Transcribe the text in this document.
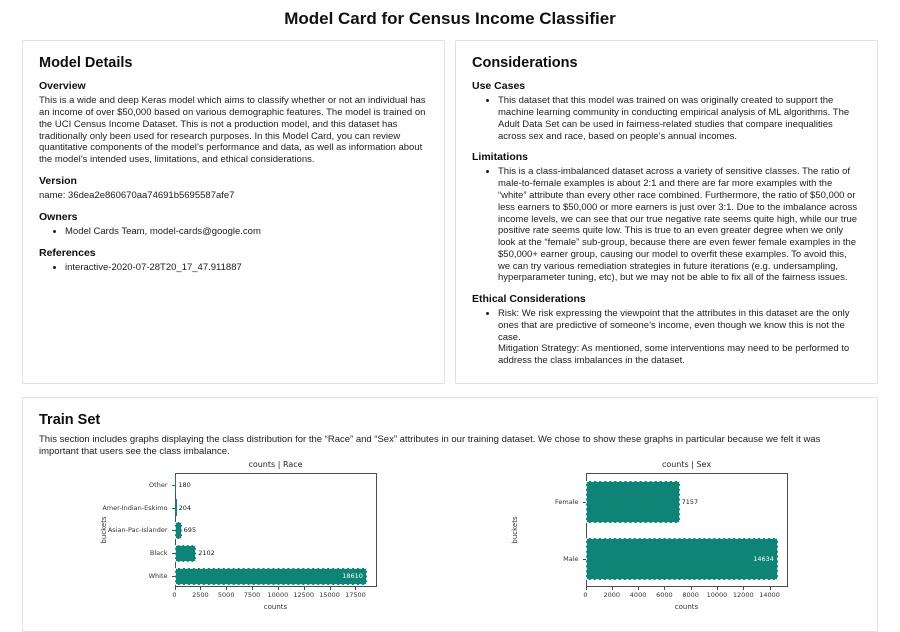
Model Card for Census Income Classifier
Model Details
Overview

This is a wide and deep Keras model which aims to classify whether or not an individual has an income of over $50,000 based on various demographic features. The model is trained on the UCI Census Income Dataset. This is not a production model, and this dataset has traditionally only been used for research purposes. In this Model Card, you can review quantitative components of the model’s performance and data, as well as information about the model’s intended uses, limitations, and ethical considerations.

Version

name: 36dea2e860670aa74691b5695587afe7

Owners
• Model Cards Team, model-cards@google.com
References
• interactive-2020-07-28T20_17_47.911887
Considerations
Use Cases
• This dataset that this model was trained on was originally created to support the machine learning community in conducting empirical analysis of ML algorithms. The Adult Data Set can be used in fairness-related studies that compare inequalities across sex and race, based on people’s annual incomes.
Limitations
• This is a class-imbalanced dataset across a variety of sensitive classes. The ratio of male-to-female examples is about 2:1 and there are far more examples with the “white” attribute than every other race combined. Furthermore, the ratio of $50,000 or less earners to $50,000 or more earners is just over 3:1. Due to the imbalance across income levels, we can see that our true negative rate seems quite high, while our true positive rate seems quite low. This is true to an even greater degree when we only look at the “female” sub-group, because there are even fewer female examples in the $50,000+ earner group, causing our model to overfit these examples. To avoid this, we can try various remediation strategies in future iterations (e.g. undersampling, hyperparameter tuning, etc), but we may not be able to fix all of the fairness issues.
Ethical Considerations
• Risk: We risk expressing the viewpoint that the attributes in this dataset are the only ones that are predictive of someone’s income, even though we know this is not the case.
Mitigation Strategy: As mentioned, some interventions may need to be performed to address the class imbalances in the dataset.
Train Set

This section includes graphs displaying the class distribution for the “Race” and “Sex” attributes in our training dataset. We chose to show these graphs in particular because we felt it was important that users see the class imbalance.

counts | Race
buckets
Other 180
Amer-Indian-Eskimo 204
Asian-Pac-Islander 695
Black	2102
White	18610
0	2500	5000	7500	10000 12500 15000 17500
counts
counts | Sex
buckets
Female	7157
Male	14634
0	2000	4000	6000	8000	10000 12000 14000
counts
